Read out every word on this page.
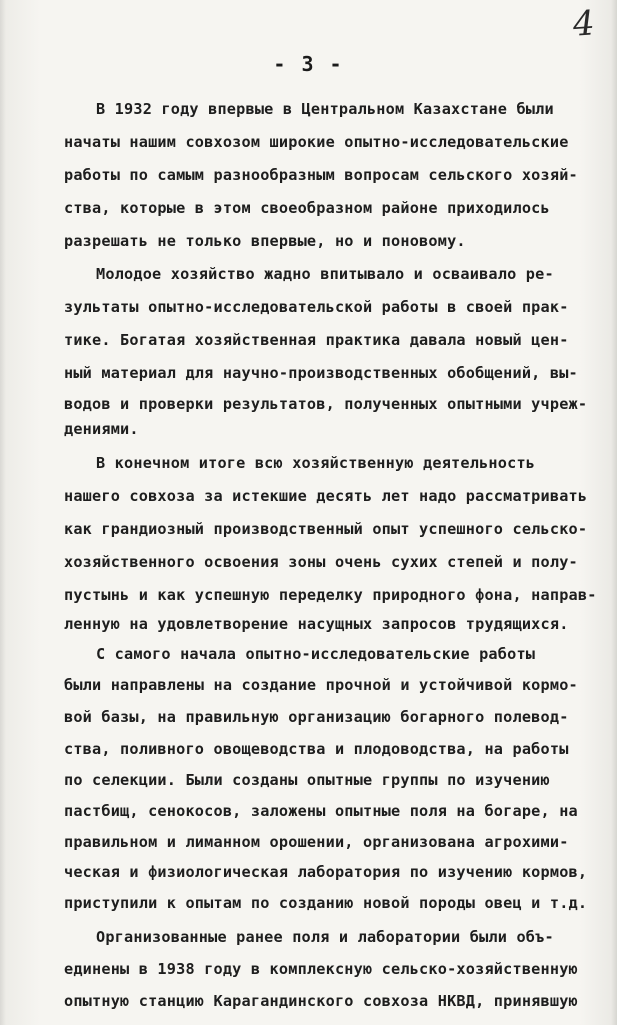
4
- 3 -
В 1932 году впервые в Центральном Казахстане были
начаты нашим совхозом широкие опытно-исследовательские
работы по самым разнообразным вопросам сельского хозяй-
ства, которые в этом своеобразном районе приходилось
разрешать не только впервые, но и поновому.
Молодое хозяйство жадно впитывало и осваивало ре-
зультаты опытно-исследовательской работы в своей прак-
тике. Богатая хозяйственная практика давала новый цен-
ный материал для научно-производственных обобщений, вы-
водов и проверки результатов, полученных опытными учреж-
дениями.
В конечном итоге всю хозяйственную деятельность
нашего совхоза за истекшие десять лет надо рассматривать
как грандиозный производственный опыт успешного сельско-
хозяйственного освоения зоны очень сухих степей и полу-
пустынь и как успешную переделку природного фона, направ-
ленную на удовлетворение насущных запросов трудящихся.
С самого начала опытно-исследовательские работы
были направлены на создание прочной и устойчивой кормо-
вой базы, на правильную организацию богарного полевод-
ства, поливного овощеводства и плодоводства, на работы
по селекции. Были созданы опытные группы по изучению
пастбищ, сенокосов, заложены опытные поля на богаре, на
правильном и лиманном орошении, организована агрохими-
ческая и физиологическая лаборатория по изучению кормов,
приступили к опытам по созданию новой породы овец и т.д.
Организованные ранее поля и лаборатории были объ-
единены в 1938 году в комплексную сельско-хозяйственную
опытную станцию Карагандинского совхоза НКВД, принявшую
